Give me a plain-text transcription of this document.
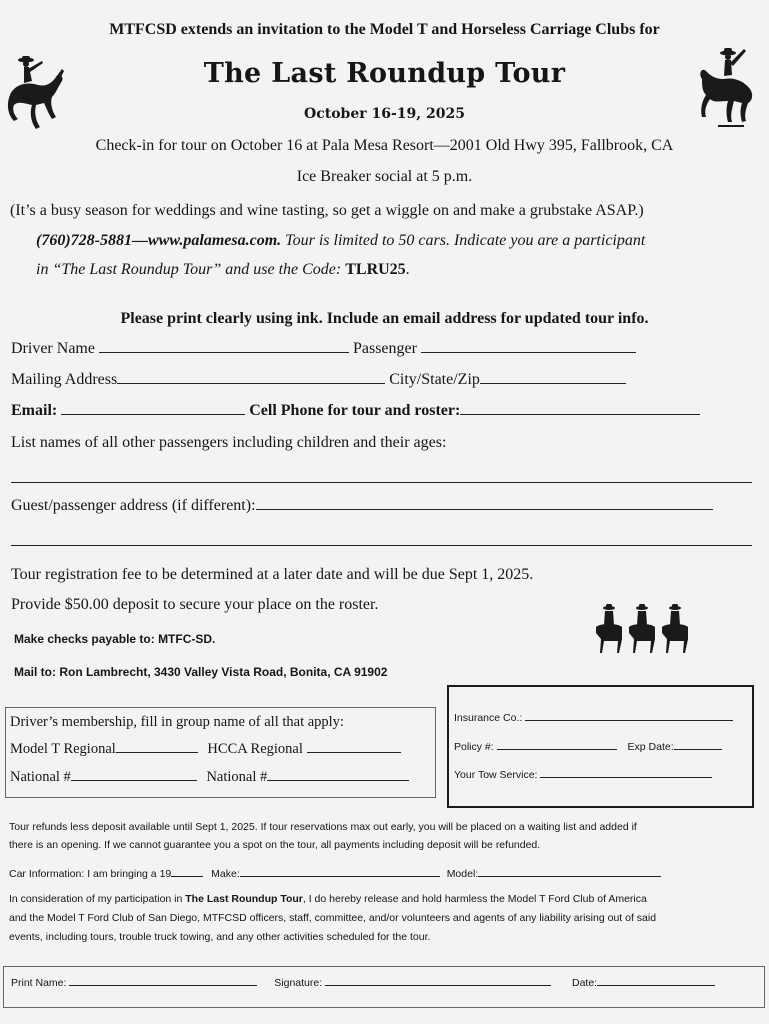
MTFCSD extends an invitation to the Model T and Horseless Carriage Clubs for
The Last Roundup Tour
October 16-19, 2025
Check-in for tour on October 16 at Pala Mesa Resort—2001 Old Hwy 395, Fallbrook, CA
Ice Breaker social at 5 p.m.
(It’s a busy season for weddings and wine tasting, so get a wiggle on and make a grubstake ASAP.)
(760)728-5881—www.palamesa.com. Tour is limited to 50 cars. Indicate you are a participant
in “The Last Roundup Tour” and use the Code: TLRU25.
Please print clearly using ink. Include an email address for updated tour info.
Driver Name	Passenger
Mailing Address	City/State/Zip
Email:	Cell Phone for tour and roster:
List names of all other passengers including children and their ages:
Guest/passenger address (if different):
Tour registration fee to be determined at a later date and will be due Sept 1, 2025.
Provide $50.00 deposit to secure your place on the roster.
Make checks payable to: MTFC-SD.
Mail to: Ron Lambrecht, 3430 Valley Vista Road, Bonita, CA 91902
Driver’s membership, fill in group name of all that apply:
Model T Regional	HCCA Regional
National #	National #
Insurance Co.:
Policy #:	Exp Date:
Your Tow Service:
Tour refunds less deposit available until Sept 1, 2025. If tour reservations max out early, you will be placed on a waiting list and added if
there is an opening. If we cannot guarantee you a spot on the tour, all payments including deposit will be refunded.
Car Information: I am bringing a 19	Make:	Model:
In consideration of my participation in The Last Roundup Tour, I do hereby release and hold harmless the Model T Ford Club of America
and the Model T Ford Club of San Diego, MTFCSD officers, staff, committee, and/or volunteers and agents of any liability arising out of said
events, including tours, trouble truck towing, and any other activities scheduled for the tour.
Print Name:	Signature:	Date:
